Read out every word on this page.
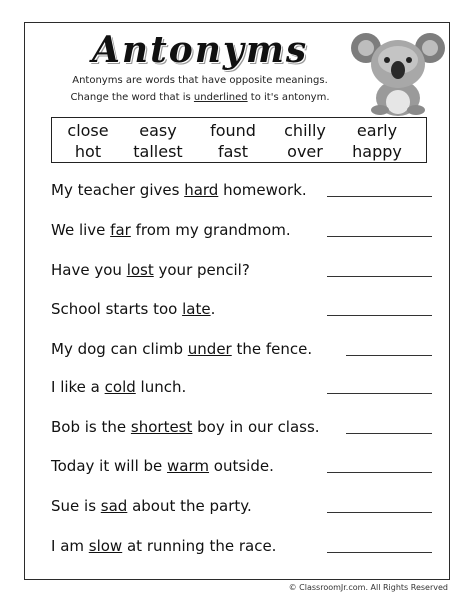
Antonyms
Antonyms are words that have opposite meanings.
Change the word that is underlined to it's antonym.
close	easy	found	chilly	early
hot	tallest	fast	over	happy
My teacher gives hard homework.
We live far from my grandmom.
Have you lost your pencil?
School starts too late.
My dog can climb under the fence.
I like a cold lunch.
Bob is the shortest boy in our class.
Today it will be warm outside.
Sue is sad about the party.
I am slow at running the race.
© ClassroomJr.com. All Rights Reserved
